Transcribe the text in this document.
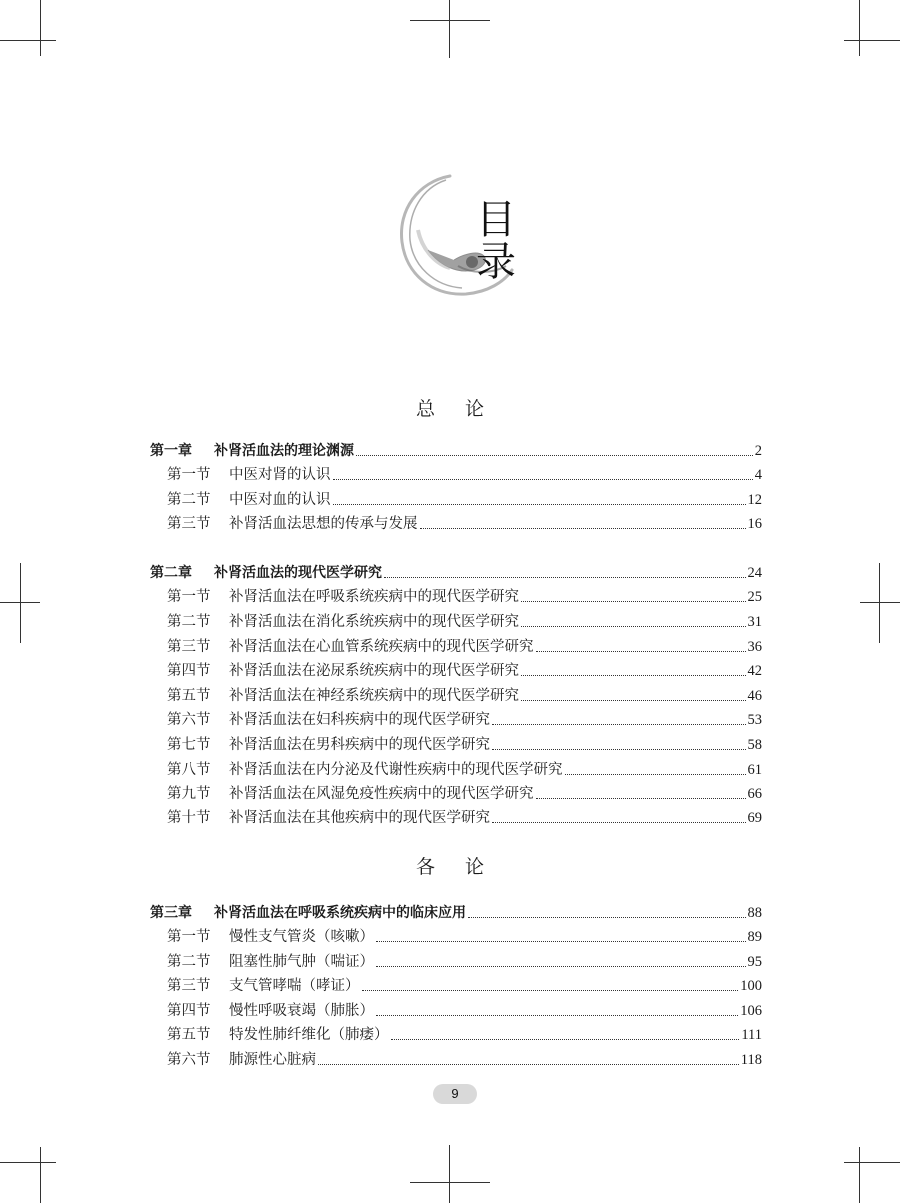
目
录
总论
第一章	补肾活血法的理论渊源	2
第一节	中医对肾的认识	4
第二节	中医对血的认识	12
第三节	补肾活血法思想的传承与发展	16
第二章	补肾活血法的现代医学研究	24
第一节	补肾活血法在呼吸系统疾病中的现代医学研究	25
第二节	补肾活血法在消化系统疾病中的现代医学研究	31
第三节	补肾活血法在心血管系统疾病中的现代医学研究	36
第四节	补肾活血法在泌尿系统疾病中的现代医学研究	42
第五节	补肾活血法在神经系统疾病中的现代医学研究	46
第六节	补肾活血法在妇科疾病中的现代医学研究	53
第七节	补肾活血法在男科疾病中的现代医学研究	58
第八节	补肾活血法在内分泌及代谢性疾病中的现代医学研究	61
第九节	补肾活血法在风湿免疫性疾病中的现代医学研究	66
第十节	补肾活血法在其他疾病中的现代医学研究	69
各论
第三章	补肾活血法在呼吸系统疾病中的临床应用	88
第一节	慢性支气管炎（咳嗽）	89
第二节	阻塞性肺气肿（喘证）	95
第三节	支气管哮喘（哮证）	100
第四节	慢性呼吸衰竭（肺胀）	106
第五节	特发性肺纤维化（肺痿）	111
第六节	肺源性心脏病	118
9
